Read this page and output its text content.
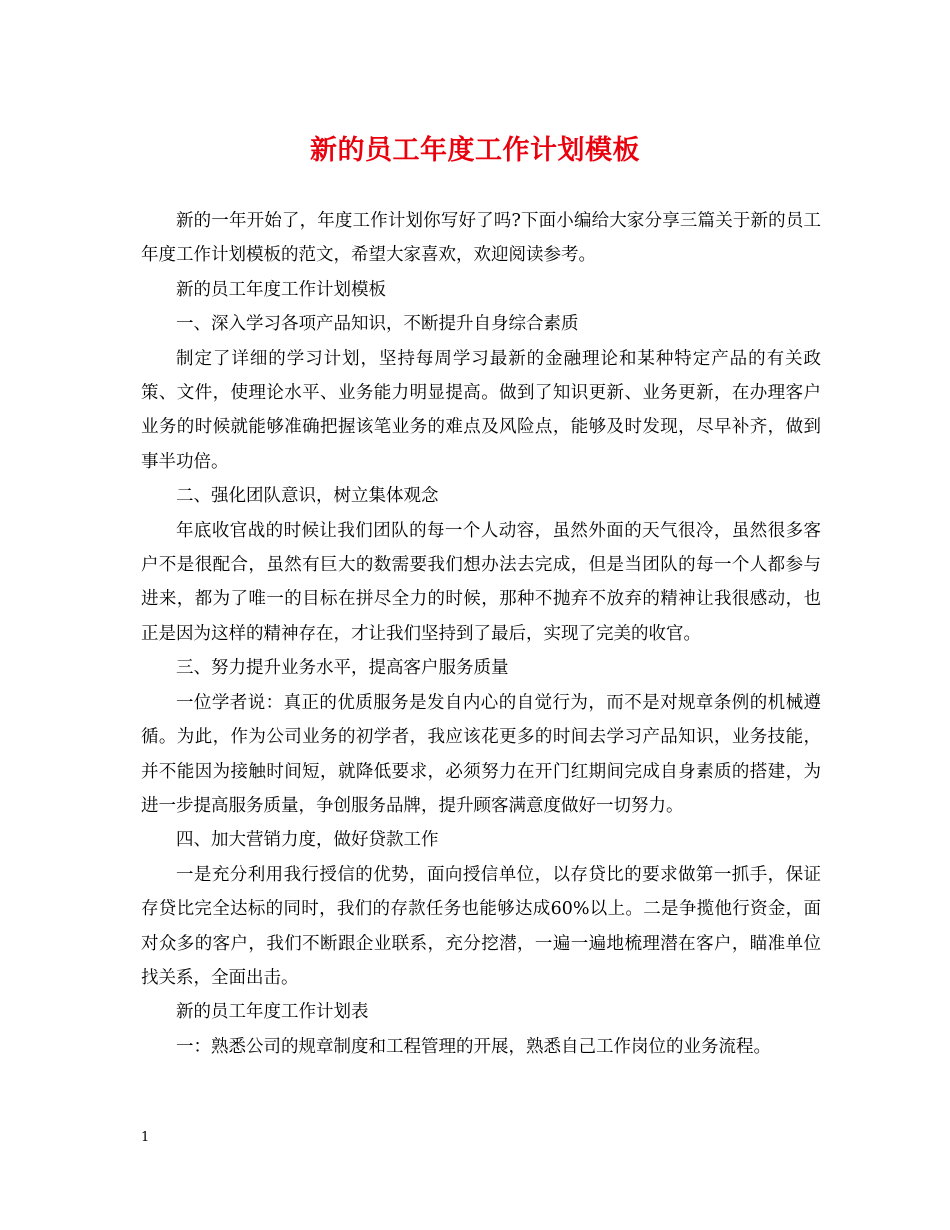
新的员工年度工作计划模板

新的一年开始了，年度工作计划你写好了吗?下面小编给大家分享三篇关于新的员工年度工作计划模板的范文，希望大家喜欢，欢迎阅读参考。

新的员工年度工作计划模板

一、深入学习各项产品知识，不断提升自身综合素质

制定了详细的学习计划，坚持每周学习最新的金融理论和某种特定产品的有关政策、文件，使理论水平、业务能力明显提高。做到了知识更新、业务更新，在办理客户业务的时候就能够准确把握该笔业务的难点及风险点，能够及时发现，尽早补齐，做到事半功倍。

二、强化团队意识，树立集体观念

年底收官战的时候让我们团队的每一个人动容，虽然外面的天气很冷，虽然很多客户不是很配合，虽然有巨大的数需要我们想办法去完成，但是当团队的每一个人都参与进来，都为了唯一的目标在拼尽全力的时候，那种不抛弃不放弃的精神让我很感动，也正是因为这样的精神存在，才让我们坚持到了最后，实现了完美的收官。

三、努力提升业务水平，提高客户服务质量

一位学者说：真正的优质服务是发自内心的自觉行为，而不是对规章条例的机械遵循。为此，作为公司业务的初学者，我应该花更多的时间去学习产品知识，业务技能，并不能因为接触时间短，就降低要求，必须努力在开门红期间完成自身素质的搭建，为进一步提高服务质量，争创服务品牌，提升顾客满意度做好一切努力。

四、加大营销力度，做好贷款工作

一是充分利用我行授信的优势，面向授信单位，以存贷比的要求做第一抓手，保证存贷比完全达标的同时，我们的存款任务也能够达成60%以上。二是争揽他行资金，面对众多的客户，我们不断跟企业联系，充分挖潜，一遍一遍地梳理潜在客户，瞄准单位找关系，全面出击。

新的员工年度工作计划表

一：熟悉公司的规章制度和工程管理的开展，熟悉自己工作岗位的业务流程。

1
